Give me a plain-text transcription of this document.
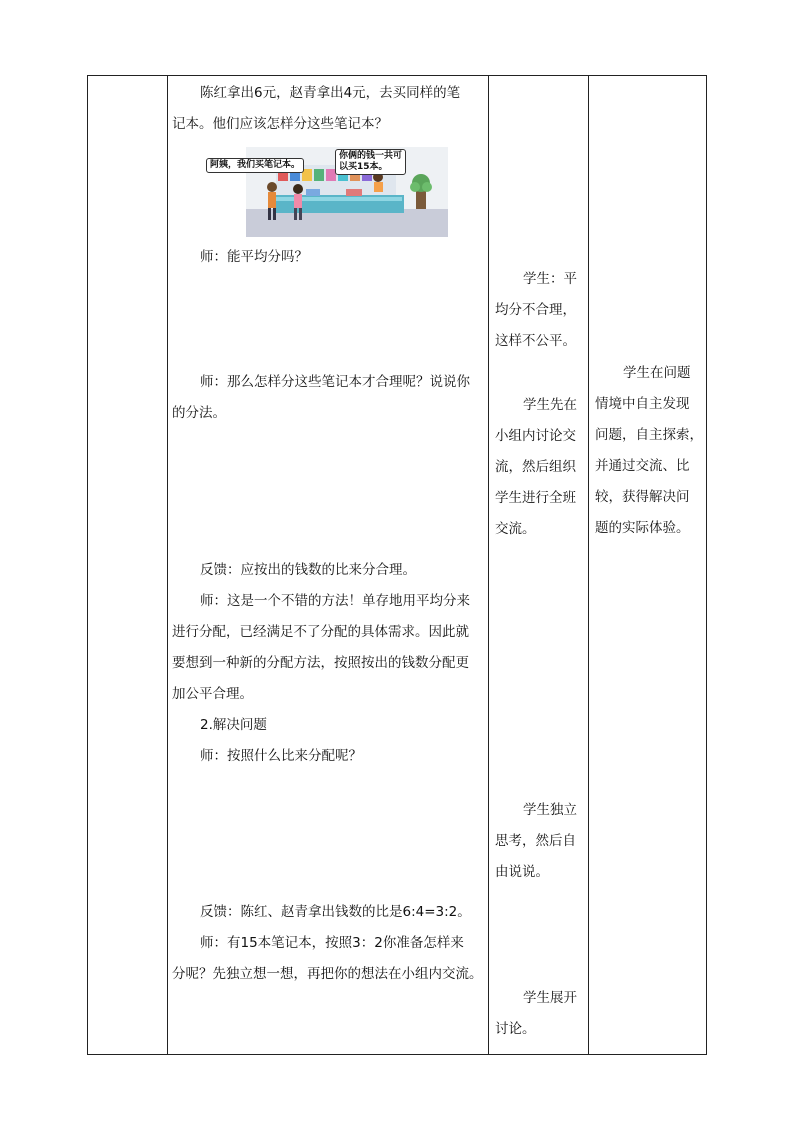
陈红拿出6元，赵青拿出4元，去买同样的笔

记本。他们应该怎样分这些笔记本？

阿姨，我们买笔记本。
你俩的钱一共可
以买15本。

师：能平均分吗？

师：那么怎样分这些笔记本才合理呢？说说你

的分法。

反馈：应按出的钱数的比来分合理。

师：这是一个不错的方法！单存地用平均分来

进行分配，已经满足不了分配的具体需求。因此就

要想到一种新的分配方法，按照按出的钱数分配更

加公平合理。

2.解决问题

师：按照什么比来分配呢？

反馈：陈红、赵青拿出钱数的比是6:4=3:2。

师：有15本笔记本，按照3：2你准备怎样来

分呢？先独立想一想，再把你的想法在小组内交流。

学生：平

均分不合理，

这样不公平。

学生先在

小组内讨论交

流，然后组织

学生进行全班

交流。

学生独立

思考，然后自

由说说。

学生展开

讨论。

学生在问题

情境中自主发现

问题，自主探索，

并通过交流、比

较，获得解决问

题的实际体验。
